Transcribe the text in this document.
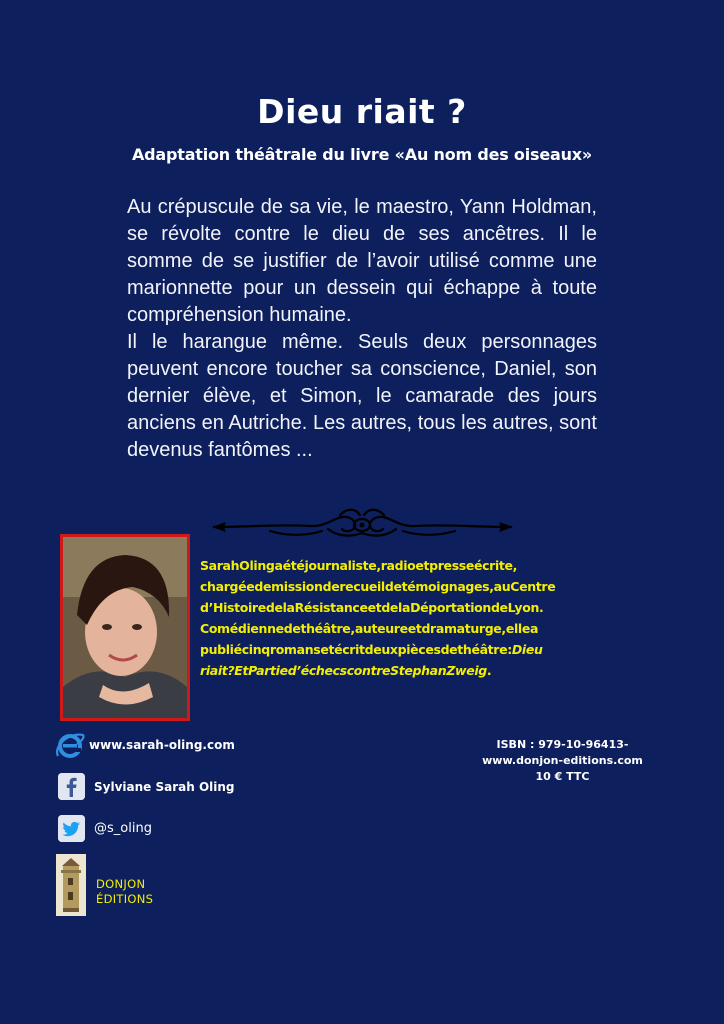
Dieu riait ?
Adaptation théâtrale du livre «Au nom des oiseaux»

Au crépuscule de sa vie, le maestro, Yann Holdman, se révolte contre le dieu de ses ancêtres. Il le somme de se justifier de l’avoir utilisé comme une marionnette pour un dessein qui échappe à toute compréhension humaine.

Il le harangue même. Seuls deux personnages peuvent encore toucher sa conscience, Daniel, son dernier élève, et Simon, le camarade des jours anciens en Autriche. Les autres, tous les autres, sont devenus fantômes ...

SarahOlingaétéjournaliste,radioetpresseécrite,
chargéedemissionderecueildetémoignages,auCentre
d’HistoiredelaRésistanceetdelaDéportationdeLyon.
Comédiennedethéâtre,auteureetdramaturge,ellea
publiécinqromansetécritdeuxpiècesdethéâtre:Dieu
riait?EtPartied’échecscontreStephanZweig.
www.sarah-oling.com
Sylviane Sarah Oling
@s_oling
DONJON
ÉDITIONS
ISBN : 979-10-96413-
www.donjon-editions.com
10 € TTC
